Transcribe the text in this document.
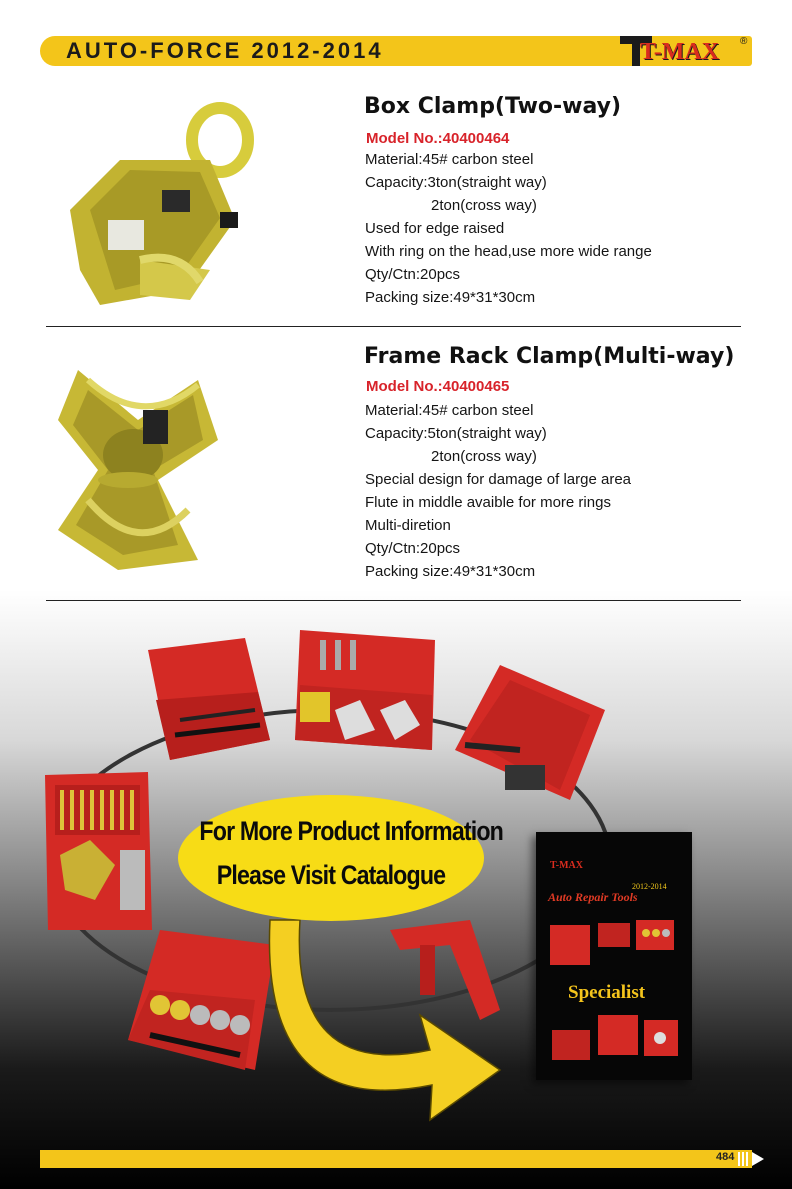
AUTO-FORCE 2012-2014	T-MAX ®
Box Clamp(Two-way)
Model No.:40400464
Material:45# carbon steel
Capacity:3ton(straight way)
2ton(cross way)
Used for edge raised
With ring on the head,use more wide range
Qty/Ctn:20pcs
Packing size:49*31*30cm
Frame Rack Clamp(Multi-way)
Model No.:40400465
Material:45# carbon steel
Capacity:5ton(straight way)
2ton(cross way)
Special design for damage of large area
Flute in middle avaible for more rings
Multi-diretion
Qty/Ctn:20pcs
Packing size:49*31*30cm
For More Product Information
Please Visit Catalogue	T-MAX
2012-2014
Auto Repair Tools
Specialist
484
